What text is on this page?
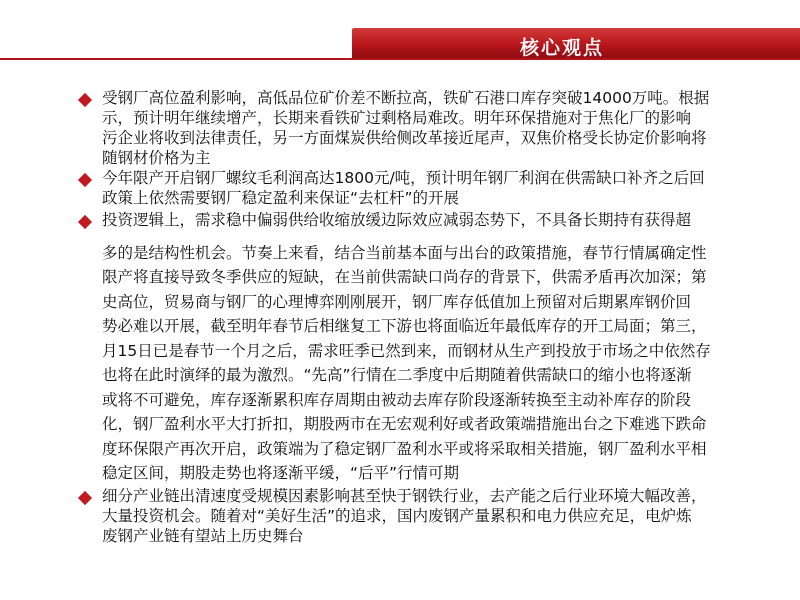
核心观点
受钢厂高位盈利影响，高低品位矿价差不断拉高，铁矿石港口库存突破14000万吨。根据
示，预计明年继续增产，长期来看铁矿过剩格局难改。明年环保措施对于焦化厂的影响
污企业将收到法律责任，另一方面煤炭供给侧改革接近尾声，双焦价格受长协定价影响将
随钢材价格为主
今年限产开启钢厂螺纹毛利润高达1800元/吨，预计明年钢厂利润在供需缺口补齐之后回
政策上依然需要钢厂稳定盈利来保证“去杠杆”的开展
投资逻辑上，需求稳中偏弱供给收缩放缓边际效应减弱态势下，不具备长期持有获得超
多的是结构性机会。节奏上来看，结合当前基本面与出台的政策措施，春节行情属确定性
限产将直接导致冬季供应的短缺，在当前供需缺口尚存的背景下，供需矛盾再次加深；第
史高位，贸易商与钢厂的心理博弈刚刚展开，钢厂库存低值加上预留对后期累库钢价回
势必难以开展，截至明年春节后相继复工下游也将面临近年最低库存的开工局面；第三，
月15日已是春节一个月之后，需求旺季已然到来，而钢材从生产到投放于市场之中依然存
也将在此时演绎的最为激烈。“先高”行情在二季度中后期随着供需缺口的缩小也将逐渐
或将不可避免，库存逐渐累积库存周期由被动去库存阶段逐渐转换至主动补库存的阶段
化，钢厂盈利水平大打折扣，期股两市在无宏观利好或者政策端措施出台之下难逃下跌命
度环保限产再次开启，政策端为了稳定钢厂盈利水平或将采取相关措施，钢厂盈利水平相
稳定区间，期股走势也将逐渐平缓，“后平”行情可期
细分产业链出清速度受规模因素影响甚至快于钢铁行业，去产能之后行业环境大幅改善，
大量投资机会。随着对“美好生活”的追求，国内废钢产量累积和电力供应充足，电炉炼
废钢产业链有望站上历史舞台
